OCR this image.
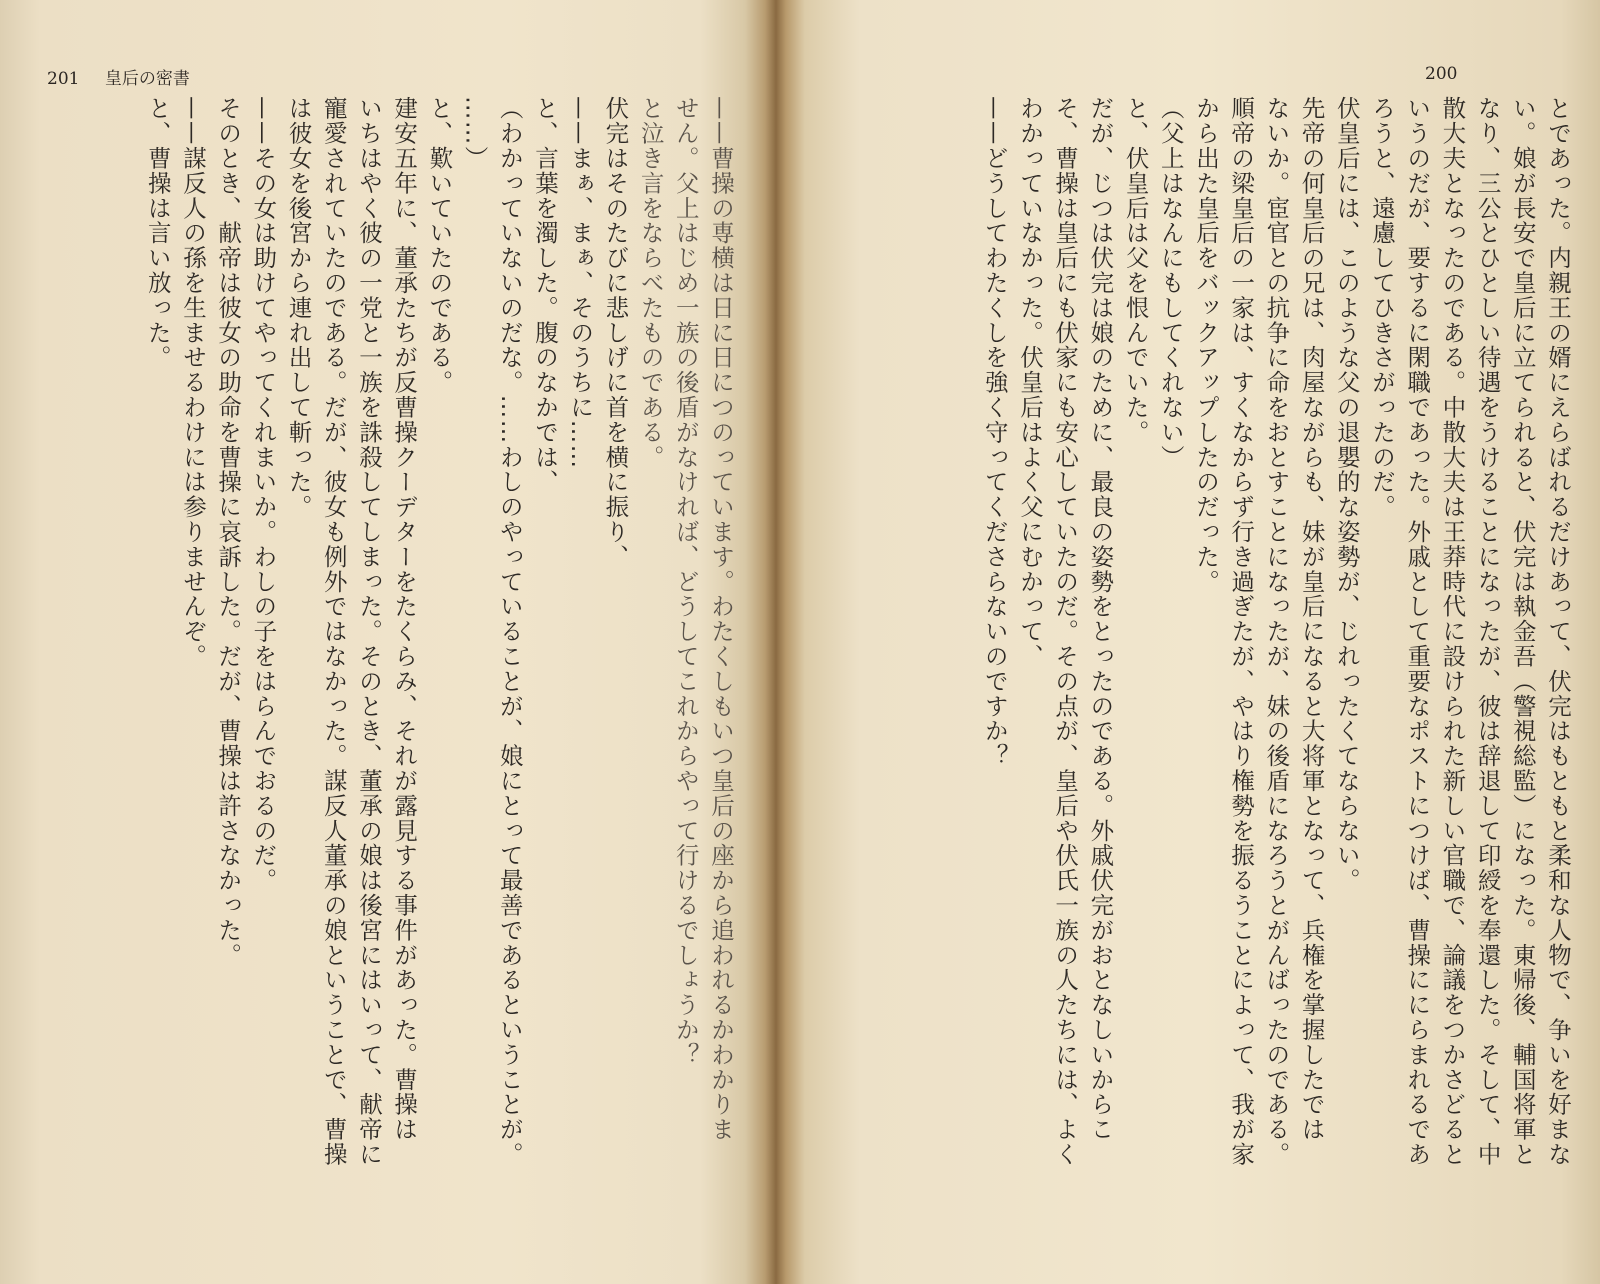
201 皇后の密書
——曹操の専横は日に日につのっています。わたくしもいつ皇后の座から追われるかわかりま
せん。父上はじめ一族の後盾がなければ、どうしてこれからやって行けるでしょうか？
と泣き言をならべたものである。
伏完はそのたびに悲しげに首を横に振り、
——まぁ、まぁ、そのうちに……
と、言葉を濁した。腹のなかでは、
（わかっていないのだな。……わしのやっていることが、娘にとって最善であるということが。
……）
と、歎いていたのである。
建安五年に、董承たちが反曹操クーデターをたくらみ、それが露見する事件があった。曹操は
いちはやく彼の一党と一族を誅殺してしまった。そのとき、董承の娘は後宮にはいって、献帝に
寵愛されていたのである。だが、彼女も例外ではなかった。謀反人董承の娘ということで、曹操
は彼女を後宮から連れ出して斬った。
——その女は助けてやってくれまいか。わしの子をはらんでおるのだ。
そのとき、献帝は彼女の助命を曹操に哀訴した。だが、曹操は許さなかった。
——謀反人の孫を生ませるわけには参りませんぞ。
と、曹操は言い放った。
200
とであった。内親王の婿にえらばれるだけあって、伏完はもともと柔和な人物で、争いを好まな
い。娘が長安で皇后に立てられると、伏完は執金吾（警視総監）になった。東帰後、輔国将軍と
なり、三公とひとしい待遇をうけることになったが、彼は辞退して印綬を奉還した。そして、中
散大夫となったのである。中散大夫は王莽時代に設けられた新しい官職で、論議をつかさどると
いうのだが、要するに閑職であった。外戚として重要なポストにつけば、曹操ににらまれるであ
ろうと、遠慮してひきさがったのだ。
伏皇后には、このような父の退嬰的な姿勢が、じれったくてならない。
先帝の何皇后の兄は、肉屋ながらも、妹が皇后になると大将軍となって、兵権を掌握したでは
ないか。宦官との抗争に命をおとすことになったが、妹の後盾になろうとがんばったのである。
順帝の梁皇后の一家は、すくなからず行き過ぎたが、やはり権勢を振るうことによって、我が家
から出た皇后をバックアップしたのだった。
（父上はなんにもしてくれない）
と、伏皇后は父を恨んでいた。
だが、じつは伏完は娘のために、最良の姿勢をとったのである。外戚伏完がおとなしいからこ
そ、曹操は皇后にも伏家にも安心していたのだ。その点が、皇后や伏氏一族の人たちには、よく
わかっていなかった。伏皇后はよく父にむかって、
——どうしてわたくしを強く守ってくださらないのですか？
